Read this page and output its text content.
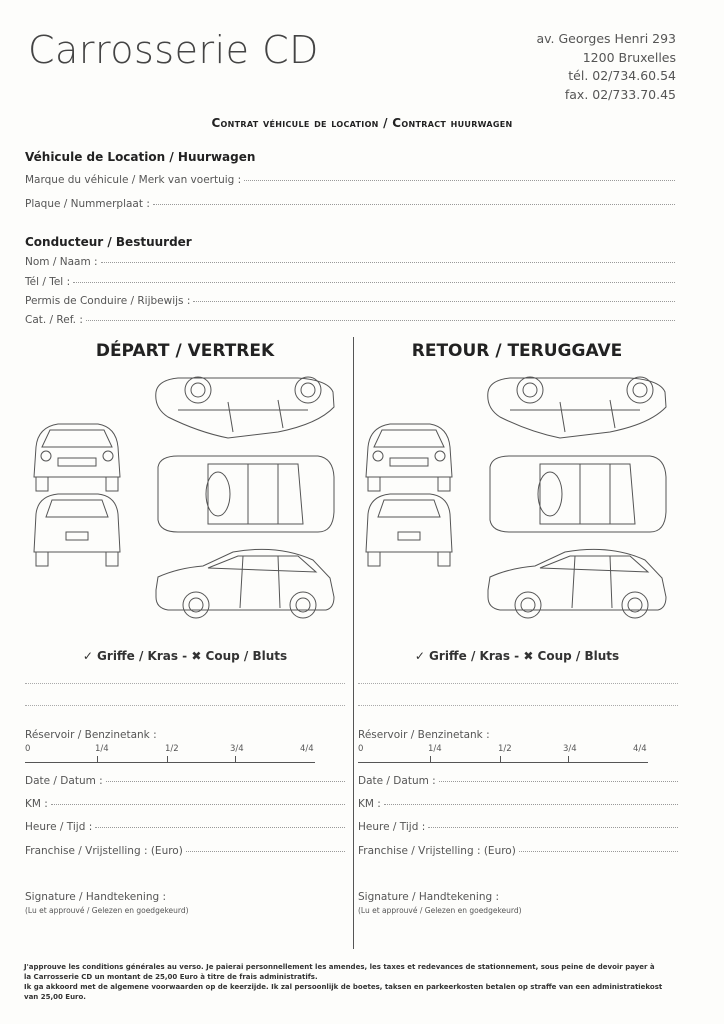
Carrosserie CD	av. Georges Henri 293
1200 Bruxelles
tél. 02/734.60.54
fax. 02/733.70.45
Contrat véhicule de location / Contract huurwagen
Véhicule de Location / Huurwagen
Marque du véhicule / Merk van voertuig :
Plaque / Nummerplaat :
Conducteur / Bestuurder
Nom / Naam :
Tél / Tel :
Permis de Conduire / Rijbewijs :
Cat. / Ref. :
DÉPART / VERTREK	RETOUR / TERUGGAVE
✓ Griffe / Kras - ✖ Coup / Bluts	✓ Griffe / Kras - ✖ Coup / Bluts
Réservoir / Benzinetank :
0	1/4	1/2	3/4	4/4
Date / Datum :
KM :
Heure / Tijd :
Franchise / Vrijstelling : (Euro)
Signature / Handtekening :
(Lu et approuvé / Gelezen en goedgekeurd)
Réservoir / Benzinetank :
0	1/4	1/2	3/4	4/4
Date / Datum :
KM :
Heure / Tijd :
Franchise / Vrijstelling : (Euro)
Signature / Handtekening :
(Lu et approuvé / Gelezen en goedgekeurd)
J'approuve les conditions générales au verso. Je paierai personnellement les amendes, les taxes et redevances de stationnement, sous peine de devoir payer à la Carrosserie CD un montant de 25,00 Euro à titre de frais administratifs.
Ik ga akkoord met de algemene voorwaarden op de keerzijde. Ik zal persoonlijk de boetes, taksen en parkeerkosten betalen op straffe van een administratiekost van 25,00 Euro.
